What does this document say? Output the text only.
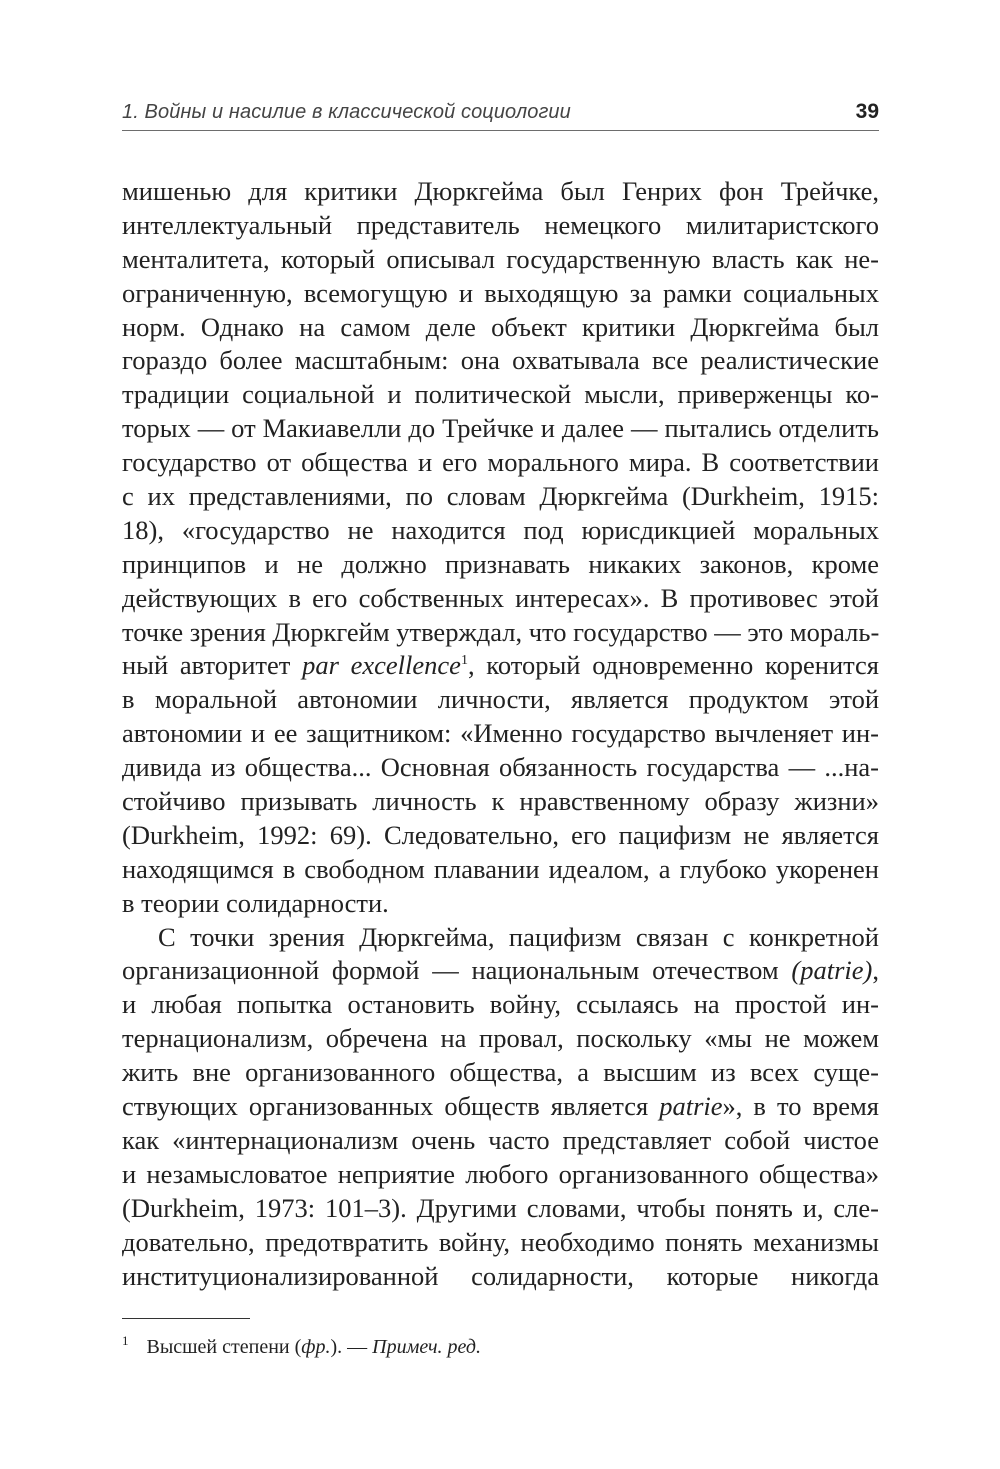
1. Войны и насилие в классической социологии	39
мишенью для критики Дюркгейма был Генрих фон Трейчке,
интеллектуальный представитель немецкого милитаристского
менталитета, который описывал государственную власть как не-
ограниченную, всемогущую и выходящую за рамки социальных
норм. Однако на самом деле объект критики Дюркгейма был
гораздо более масштабным: она охватывала все реалистические
традиции социальной и политической мысли, приверженцы ко-
торых — от Макиавелли до Трейчке и далее — пытались отделить
государство от общества и его морального мира. В соответствии
с их представлениями, по словам Дюркгейма (Durkheim, 1915:
18), «государство не находится под юрисдикцией моральных
принципов и не должно признавать никаких законов, кроме
действующих в его собственных интересах». В противовес этой
точке зрения Дюркгейм утверждал, что государство — это мораль-
ный авторитет par excellence$^1$, который одновременно коренится
в моральной автономии личности, является продуктом этой
автономии и ее защитником: «Именно государство вычленяет ин-
дивида из общества... Основная обязанность государства — ...на-
стойчиво призывать личность к нравственному образу жизни»
(Durkheim, 1992: 69). Следовательно, его пацифизм не является
находящимся в свободном плавании идеалом, а глубоко укоренен
в теории солидарности.
С точки зрения Дюркгейма, пацифизм связан с конкретной
организационной формой — национальным отечеством (patrie),
и любая попытка остановить войну, ссылаясь на простой ин-
тернационализм, обречена на провал, поскольку «мы не можем
жить вне организованного общества, а высшим из всех суще-
ствующих организованных обществ является patrie», в то время
как «интернационализм очень часто представляет собой чистое
и незамысловатое неприятие любого организованного общества»
(Durkheim, 1973: 101–3). Другими словами, чтобы понять и, сле-
довательно, предотвратить войну, необходимо понять механизмы
институционализированной солидарности, которые никогда
$^1$ Высшей степени (фр.). — Примеч. ред.
